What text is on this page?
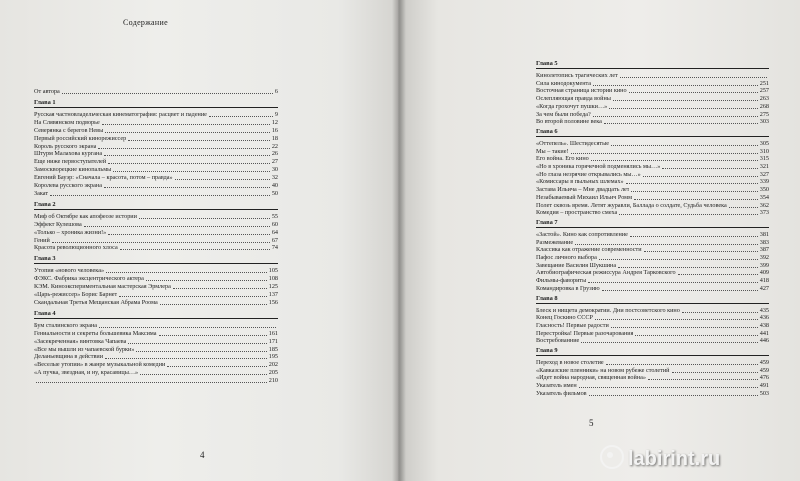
Содержание
4
От автора	6
Глава 1
Русская частновладельческая кинематография: расцвет и падение	9
На Слявянском подворье	12
Северянка с берегов Невы	16
Первый российский кинорежиссер	18
Король русского экрана	22
Штурм Малахова кургана	26
Еще ниже первоступателей	27
Замоскворецкие кинопальмы	30
Евгений Бауэр: «Сначала – красота, потом – правда»	32
Королева русского экрана	40
Закат	50
Глава 2
Миф об Октябре как апофеозе истории	55
Эффект Кулешова	60
«Только – хроника жизни!»	64
Гений	67
Красота революционного хлоса	74
Глава 3
Утопия «нового человека»	105
ФЭКС. Фабрика эксцентрического актера	108
КЭМ. Киноэкспериментальная мастерская Эрмлера	125
«Царь-режиссер» Борис Барнет	137
Скандальная Третья Мещанская Абрама Роома	156
Глава 4
Бум сталинского экрана
Гениальности и секреты большевика Максима	161
«Засекреченная» винтовка Чапаева	171
«Все мы вышли из чапаевской бурки»	185
Деланьевщина в действии	195
«Веселые утопии» в жанре музыкальной комедии	202
«А пучка, звездная, и ну, красавицы…»	205
210
5
Глава 5
Кинолетопись трагических лет
Сила кинодокумента	251
Восточная страница истории кино	257
Ослепляющая правда войны	263
«Когда грохочут пушки…»	268
За чем были победа?	275
Во второй половине века	303
Глава 6
«Оттепель». Шестидесятые	305
Мы – такие!	310
Его война. Его кино	315
«Но в хроника горячечной подменялись мы…»	321
«Но глаза незрячие открывались мы…»	327
«Комиссары в пыльных шлемах»	339
Застава Ильича – Мне двадцать лет	350
Незабываемый Михаил Ильич Ромм	354
Полет сквозь время. Летят журавли, Баллада о солдате, Судьба человека	362
Комедия – пространство смеха	373
Глава 7
«Застой». Кино как сопротивление	381
Размежевание	383
Классика как отражение современности	387
Пафос личного выбора	392
Завещание Василия Шукшина	399
Автобиографическая режиссура Андрея Тарковского	409
Фильмы-фавориты	418
Командировка в Грузию	427
Глава 8
Блеск и нищета демократии. Дни постсоветского кино	435
Конец Госкино СССР	436
Гласность! Первые радости	438
Перестройка! Первые разочарования	441
Востребованние	446
Глава 9
Переход в новое столетие	459
«Кавказские пленники» на новом рубеже столетий	459
«Идет война народная, священная война»	476
Указатель имен	491
Указатель фильмов	503
labirint.ru
